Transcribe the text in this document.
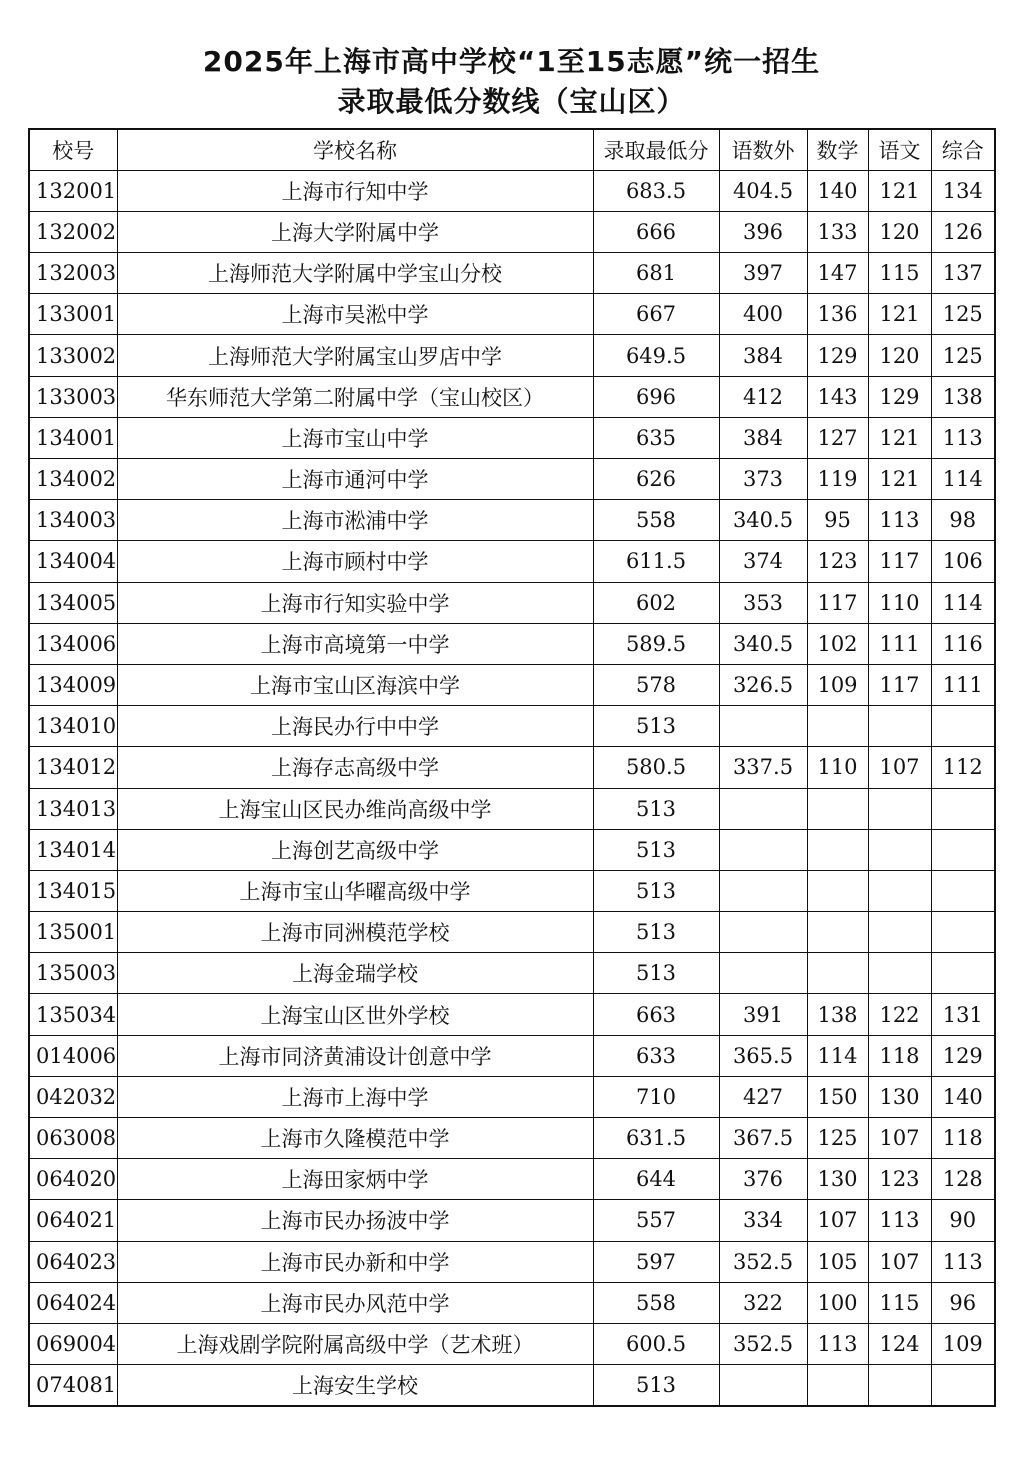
2025年上海市高中学校“1至15志愿”统一招生
录取最低分数线（宝山区）
校号	学校名称	录取最低分	语数外	数学	语文	综合
132001	上海市行知中学	683.5	404.5	140	121	134
132002	上海大学附属中学	666	396	133	120	126
132003	上海师范大学附属中学宝山分校	681	397	147	115	137
133001	上海市吴淞中学	667	400	136	121	125
133002	上海师范大学附属宝山罗店中学	649.5	384	129	120	125
133003	华东师范大学第二附属中学（宝山校区）	696	412	143	129	138
134001	上海市宝山中学	635	384	127	121	113
134002	上海市通河中学	626	373	119	121	114
134003	上海市淞浦中学	558	340.5	95	113	98
134004	上海市顾村中学	611.5	374	123	117	106
134005	上海市行知实验中学	602	353	117	110	114
134006	上海市高境第一中学	589.5	340.5	102	111	116
134009	上海市宝山区海滨中学	578	326.5	109	117	111
134010	上海民办行中中学	513				
134012	上海存志高级中学	580.5	337.5	110	107	112
134013	上海宝山区民办维尚高级中学	513				
134014	上海创艺高级中学	513				
134015	上海市宝山华曜高级中学	513				
135001	上海市同洲模范学校	513				
135003	上海金瑞学校	513				
135034	上海宝山区世外学校	663	391	138	122	131
014006	上海市同济黄浦设计创意中学	633	365.5	114	118	129
042032	上海市上海中学	710	427	150	130	140
063008	上海市久隆模范中学	631.5	367.5	125	107	118
064020	上海田家炳中学	644	376	130	123	128
064021	上海市民办扬波中学	557	334	107	113	90
064023	上海市民办新和中学	597	352.5	105	107	113
064024	上海市民办风范中学	558	322	100	115	96
069004	上海戏剧学院附属高级中学（艺术班）	600.5	352.5	113	124	109
074081	上海安生学校	513				
